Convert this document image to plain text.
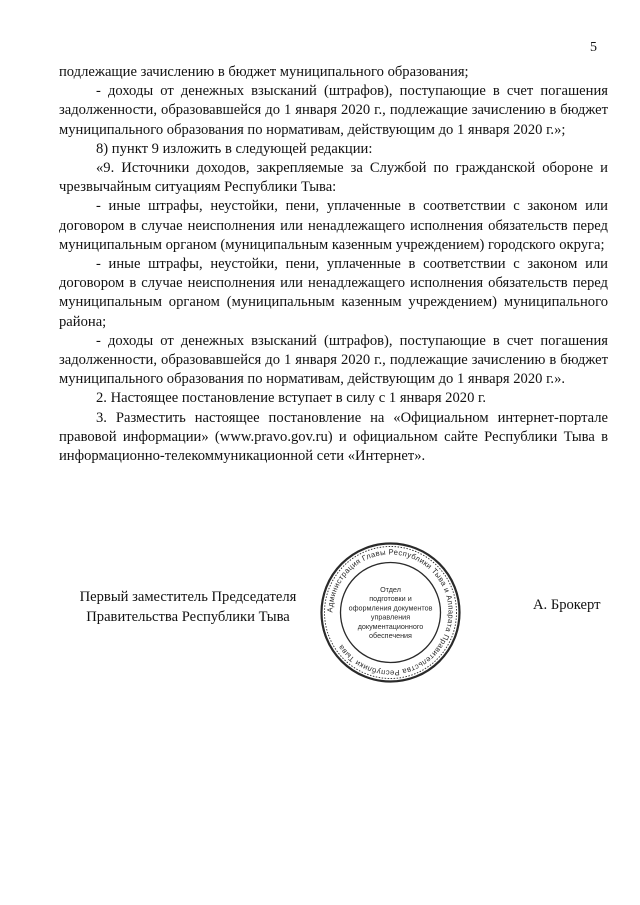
5

подлежащие зачислению в бюджет муниципального образования;

- доходы от денежных взысканий (штрафов), поступающие в счет погашения задолженности, образовавшейся до 1 января 2020 г., подлежащие зачислению в бюджет муниципального образования по нормативам, действующим до 1 января 2020 г.»;

8) пункт 9 изложить в следующей редакции:

«9. Источники доходов, закрепляемые за Службой по гражданской обороне и чрезвычайным ситуациям Республики Тыва:

- иные штрафы, неустойки, пени, уплаченные в соответствии с законом или договором в случае неисполнения или ненадлежащего исполнения обязательств перед муниципальным органом (муниципальным казенным учреждением) городского округа;

- иные штрафы, неустойки, пени, уплаченные в соответствии с законом или договором в случае неисполнения или ненадлежащего исполнения обязательств перед муниципальным органом (муниципальным казенным учреждением) муниципального района;

- доходы от денежных взысканий (штрафов), поступающие в счет погашения задолженности, образовавшейся до 1 января 2020 г., подлежащие зачислению в бюджет муниципального образования по нормативам, действующим до 1 января 2020 г.».

2. Настоящее постановление вступает в силу с 1 января 2020 г.

3. Разместить настоящее постановление на «Официальном интернет-портале правовой информации» (www.pravo.gov.ru) и официальном сайте Республики Тыва в информационно-телекоммуникационной сети «Интернет».

Первый заместитель Председателя
Правительства Республики Тыва	Администрация Главы Республики Тыва и Аппарата Правительства Республики Тыва
Отдел
подготовки и
оформления документов
управления
документационного
обеспечения
А. Брокерт
